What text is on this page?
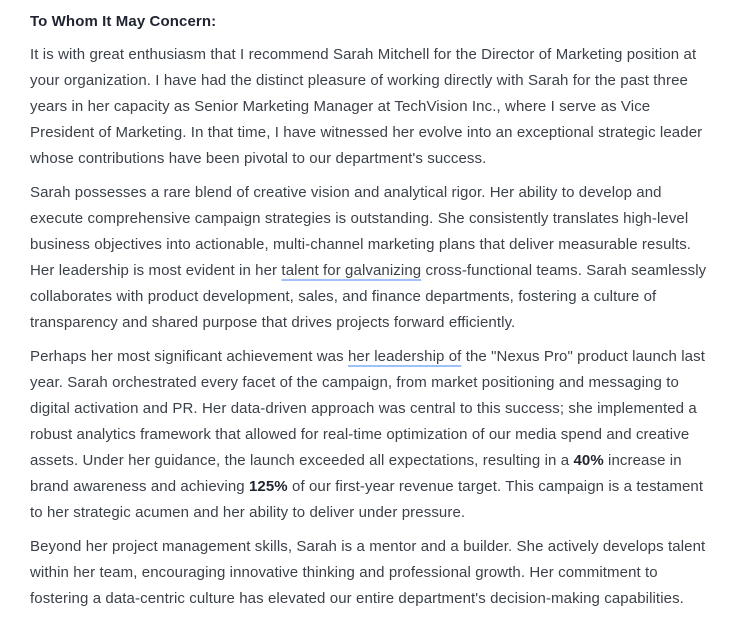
To Whom It May Concern:

It is with great enthusiasm that I recommend Sarah Mitchell for the Director of Marketing position at your organization. I have had the distinct pleasure of working directly with Sarah for the past three years in her capacity as Senior Marketing Manager at TechVision Inc., where I serve as Vice President of Marketing. In that time, I have witnessed her evolve into an exceptional strategic leader whose contributions have been pivotal to our department's success.

Sarah possesses a rare blend of creative vision and analytical rigor. Her ability to develop and execute comprehensive campaign strategies is outstanding. She consistently translates high-level business objectives into actionable, multi-channel marketing plans that deliver measurable results. Her leadership is most evident in her talent for galvanizing cross-functional teams. Sarah seamlessly collaborates with product development, sales, and finance departments, fostering a culture of transparency and shared purpose that drives projects forward efficiently.

Perhaps her most significant achievement was her leadership of the "Nexus Pro" product launch last year. Sarah orchestrated every facet of the campaign, from market positioning and messaging to digital activation and PR. Her data-driven approach was central to this success; she implemented a robust analytics framework that allowed for real-time optimization of our media spend and creative assets. Under her guidance, the launch exceeded all expectations, resulting in a 40% increase in brand awareness and achieving 125% of our first-year revenue target. This campaign is a testament to her strategic acumen and her ability to deliver under pressure.

Beyond her project management skills, Sarah is a mentor and a builder. She actively develops talent within her team, encouraging innovative thinking and professional growth. Her commitment to fostering a data-centric culture has elevated our entire department's decision-making capabilities.
